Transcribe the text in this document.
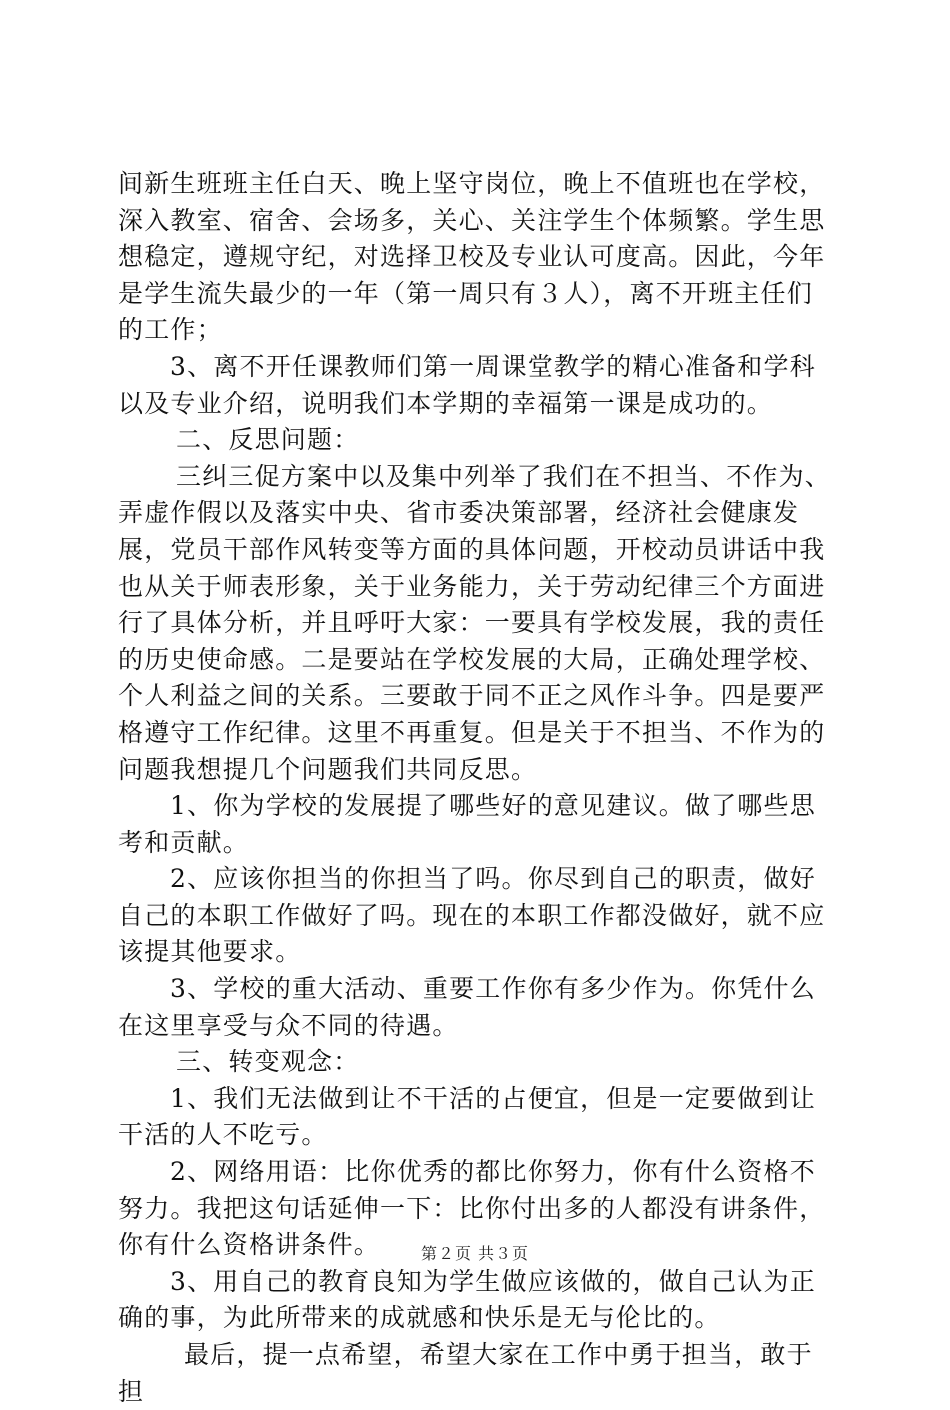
间新生班班主任白天、晚上坚守岗位，晚上不值班也在学校，深入教室、宿舍、会场多，关心、关注学生个体频繁。学生思想稳定，遵规守纪，对选择卫校及专业认可度高。因此，今年是学生流失最少的一年（第一周只有３人），离不开班主任们的工作；

3、离不开任课教师们第一周课堂教学的精心准备和学科以及专业介绍，说明我们本学期的幸福第一课是成功的。

二、反思问题：

三纠三促方案中以及集中列举了我们在不担当、不作为、弄虚作假以及落实中央、省市委决策部署，经济社会健康发展，党员干部作风转变等方面的具体问题，开校动员讲话中我也从关于师表形象，关于业务能力，关于劳动纪律三个方面进行了具体分析，并且呼吁大家：一要具有学校发展，我的责任的历史使命感。二是要站在学校发展的大局，正确处理学校、个人利益之间的关系。三要敢于同不正之风作斗争。四是要严格遵守工作纪律。这里不再重复。但是关于不担当、不作为的问题我想提几个问题我们共同反思。

1、你为学校的发展提了哪些好的意见建议。做了哪些思考和贡献。

2、应该你担当的你担当了吗。你尽到自己的职责，做好自己的本职工作做好了吗。现在的本职工作都没做好，就不应该提其他要求。

3、学校的重大活动、重要工作你有多少作为。你凭什么在这里享受与众不同的待遇。

三、转变观念：

1、我们无法做到让不干活的占便宜，但是一定要做到让干活的人不吃亏。

2、网络用语：比你优秀的都比你努力，你有什么资格不努力。我把这句话延伸一下：比你付出多的人都没有讲条件，你有什么资格讲条件。

3、用自己的教育良知为学生做应该做的，做自己认为正确的事，为此所带来的成就感和快乐是无与伦比的。

最后，提一点希望，希望大家在工作中勇于担当，敢于担

第２页 共３页
